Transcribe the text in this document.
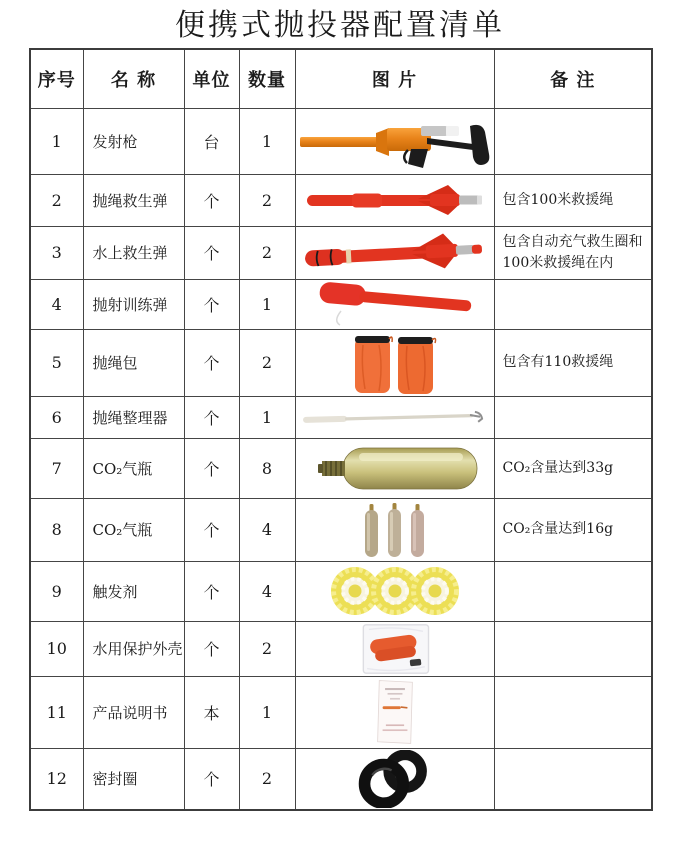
便携式抛投器配置清单
序号	名 称	单位	数量	图 片	备 注
1	发射枪	台	1		
2	抛绳救生弹	个	2		包含100米救援绳
3	水上救生弹	个	2		包含自动充气救生圈和100米救援绳在内
4	抛射训练弹	个	1		
5	抛绳包	个	2		包含有110救援绳
6	抛绳整理器	个	1		
7	CO₂气瓶	个	8		CO₂含量达到33g
8	CO₂气瓶	个	4		CO₂含量达到16g
9	触发剂	个	4		
10	水用保护外壳	个	2		
11	产品说明书	本	1		
12	密封圈	个	2		
